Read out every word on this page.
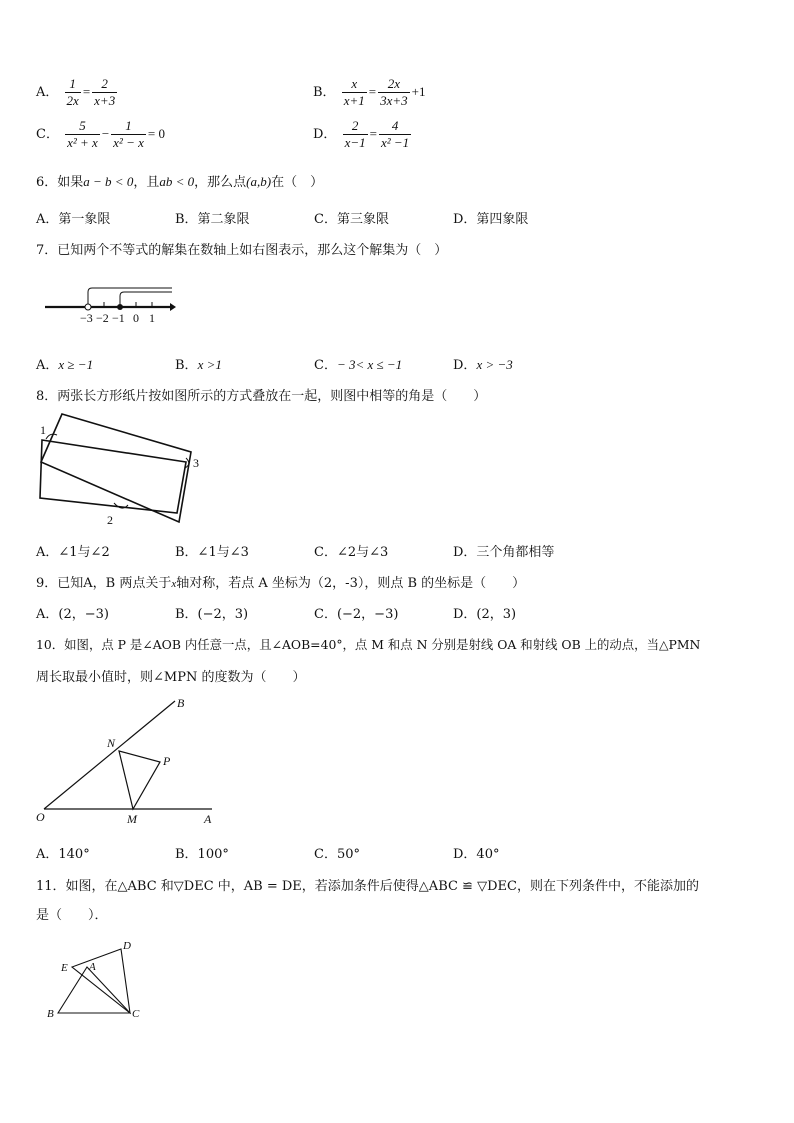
A． $\frac{1}{2x} = \frac{2}{x+3}$	B． $\frac{x}{x+1} = \frac{2x}{3x+3} +1$
C． $\frac{5}{\text{x² + x}} - \frac{1}{\text{x² − x}} = 0$	D． $\frac{2}{x-1} = \frac{4}{\text{x² −1}}$
6．如果a − b < 0，且ab < 0，那么点(a,b)在（　）
A．第一象限	B．第二象限	C．第三象限	D．第四象限
7．已知两个不等式的解集在数轴上如右图表示，那么这个解集为（　）
−3 −2 −1 0 1
A．x ≥ −1	B．x >1	C．− 3< x ≤ −1	D．x > −3
8．两张长方形纸片按如图所示的方式叠放在一起，则图中相等的角是（　　）
1
2
3
A．∠1与∠2	B．∠1与∠3	C．∠2与∠3	D．三个角都相等
9．已知A，B 两点关于x轴对称，若点 A 坐标为（2，-3），则点 B 的坐标是（　　）
A．(2，−3)	B．(−2，3)	C．(−2，−3)	D．(2，3)
10．如图，点 P 是∠AOB 内任意一点，且∠AOB=40°，点 M 和点 N 分别是射线 OA 和射线 OB 上的动点，当△PMN
周长取最小值时，则∠MPN 的度数为（　　）
B
N
P
O	M	A
A．140°	B．100°	C．50°	D．40°
11．如图，在△ABC 和▽DEC 中，AB = DE，若添加条件后使得△ABC ≌ ▽DEC，则在下列条件中，不能添加的
是（　　）．
D
E A
B	C
